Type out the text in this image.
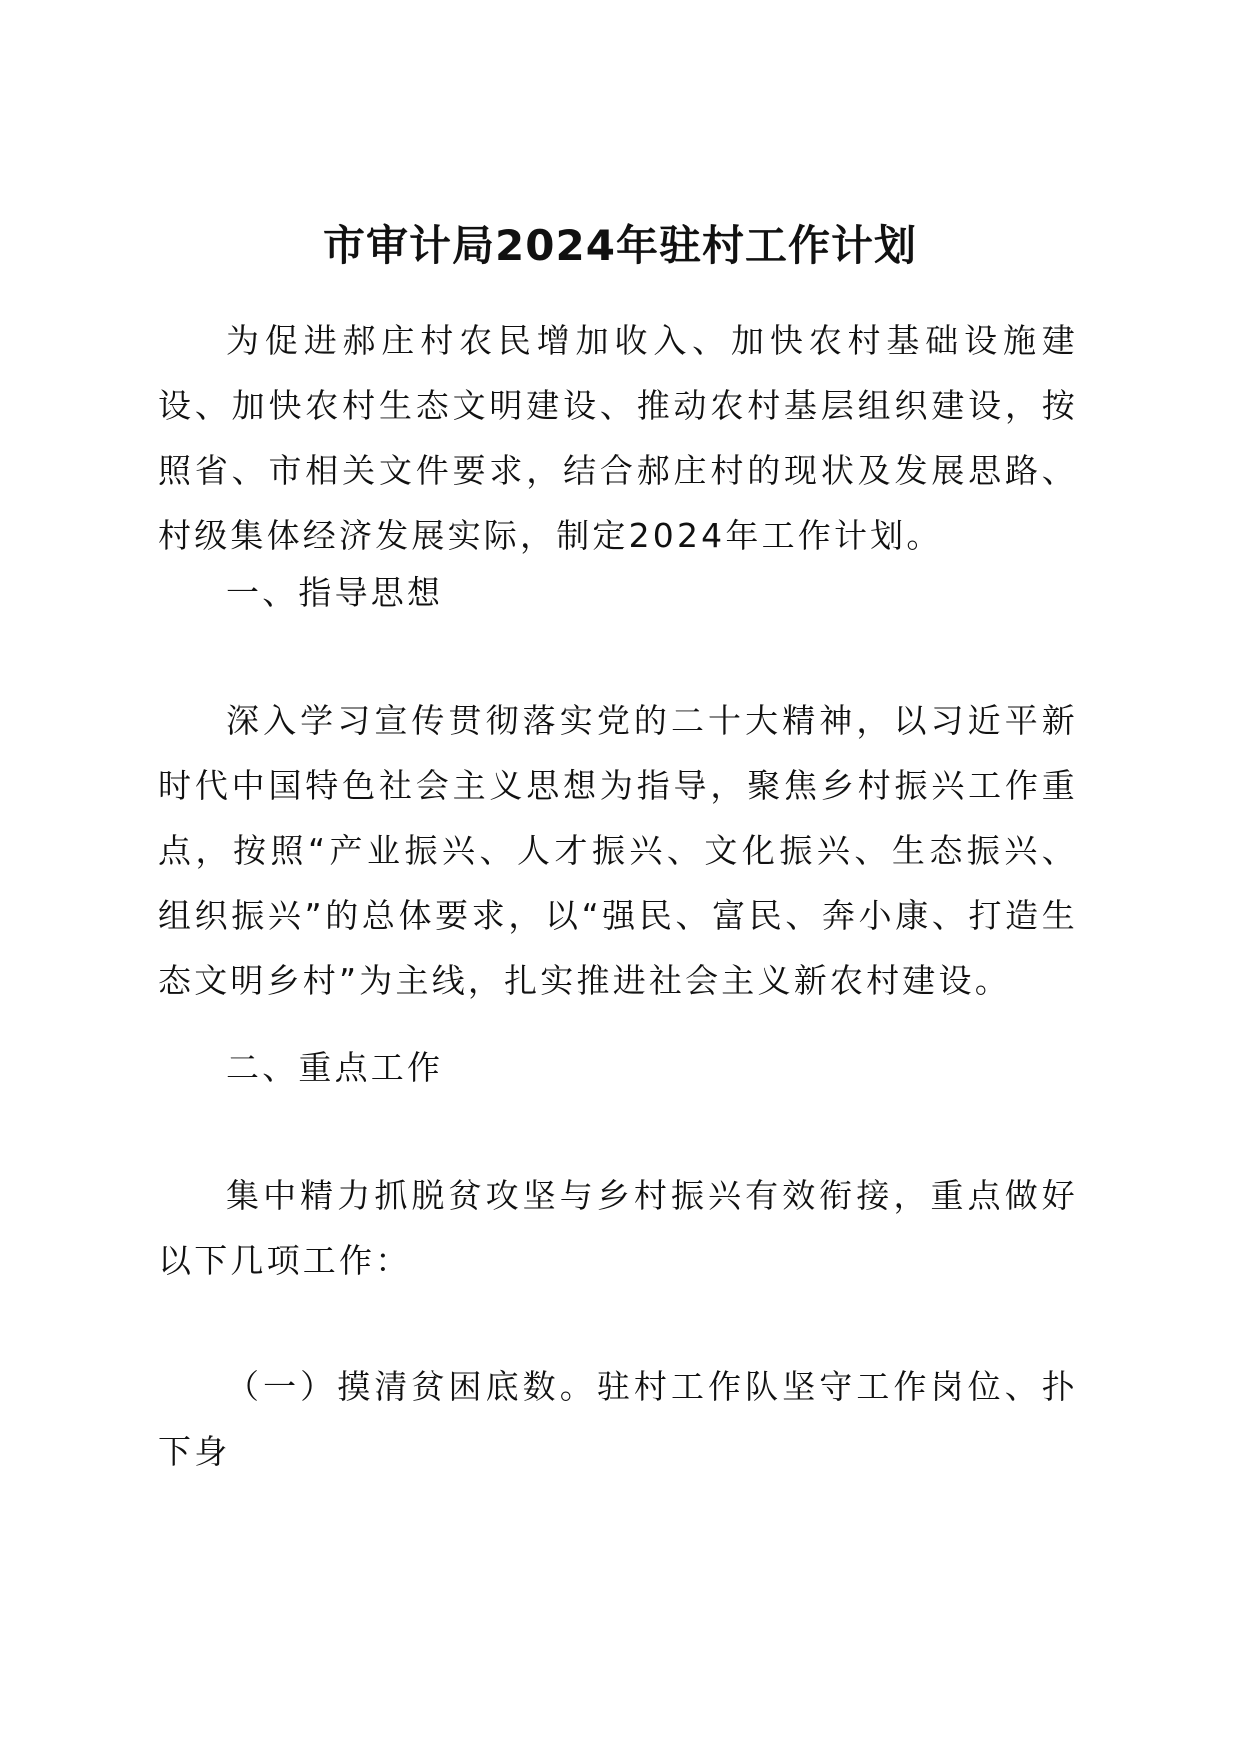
市审计局2024年驻村工作计划

为促进郝庄村农民增加收入、加快农村基础设施建设、加快农村生态文明建设、推动农村基层组织建设，按照省、市相关文件要求，结合郝庄村的现状及发展思路、村级集体经济发展实际，制定2024年工作计划。

一、指导思想

深入学习宣传贯彻落实党的二十大精神，以习近平新时代中国特色社会主义思想为指导，聚焦乡村振兴工作重点，按照“产业振兴、人才振兴、文化振兴、生态振兴、组织振兴”的总体要求，以“强民、富民、奔小康、打造生态文明乡村”为主线，扎实推进社会主义新农村建设。

二、重点工作

集中精力抓脱贫攻坚与乡村振兴有效衔接，重点做好以下几项工作：

（一）摸清贫困底数。驻村工作队坚守工作岗位、扑下身
